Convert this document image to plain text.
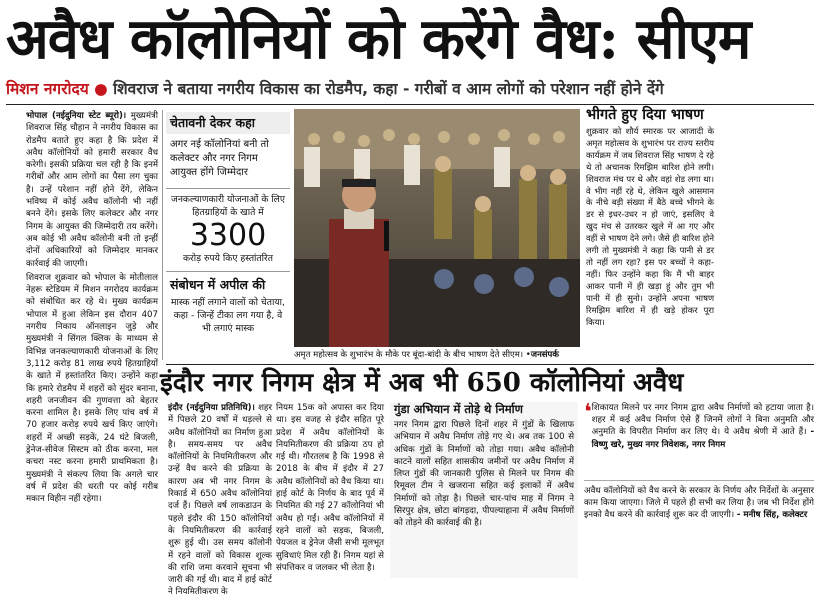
अवैध कॉलोनियों को करेंगे वैध: सीएम
मिशन नगरोदय ● शिवराज ने बताया नगरीय विकास का रोडमैप, कहा - गरीबों व आम लोगों को परेशान नहीं होने देंगे

भोपाल (नईदुनिया स्टेट ब्यूरो)। मुख्यमंत्री शिवराज सिंह चौहान ने नगरीय विकास का रोडमैप बताते हुए कहा है कि प्रदेश में अवैध कॉलोनियों को हमारी सरकार वैध करेगी। इसकी प्रक्रिया चल रही है कि इनमें गरीबों और आम लोगों का पैसा लग चुका है। उन्हें परेशान नहीं होने देंगे, लेकिन भविष्य में कोई अवैध कॉलोनी भी नहीं बनने देंगे। इसके लिए कलेक्टर और नगर निगम के आयुक्त की जिम्मेदारी तय करेंगे। अब कोई भी अवैध कॉलोनी बनी तो इन्हीं दोनों अधिकारियों को जिम्मेदार मानकर कार्रवाई की जाएगी।

शिवराज शुक्रवार को भोपाल के मोतीलाल नेहरू स्टेडियम में मिशन नगरोदय कार्यक्रम को संबोधित कर रहे थे। मुख्य कार्यक्रम भोपाल में हुआ लेकिन इस दौरान 407 नगरीय निकाय ऑनलाइन जुड़े और मुख्यमंत्री ने सिंगल क्लिक के माध्यम से विभिन्न जनकल्याणकारी योजनाओं के लिए 3,112 करोड़ 81 लाख रुपये हितग्राहियों के खाते में हस्तांतरित किए। उन्होंने कहा कि हमारे रोडमैप में शहरों को सुंदर बनाना, शहरी जनजीवन की गुणवत्ता को बेहतर करना शामिल है। इसके लिए पांच वर्ष में 70 हजार करोड़ रुपये खर्च किए जाएंगे। शहरों में अच्छी सड़कें, 24 घंटे बिजली, ड्रेनेज-सीवेज सिस्टम को ठीक करना, मल कचरा नस्ट करना हमारी प्राथमिकता है। मुख्यमंत्री ने संकल्प लिया कि अगले चार वर्ष में प्रदेश की धरती पर कोई गरीब मकान विहीन नहीं रहेगा।

चेतावनी देकर कहा
अगर नई कॉलोनियां बनी तो कलेक्टर और नगर निगम आयुक्त होंगे जिम्मेदार
जनकल्याणकारी योजनाओं के लिए हितग्राहियों के खाते में
3300
करोड़ रुपये किए हस्तांतरित
संबोधन में अपील की
मास्क नहीं लगाने वालों को चेताया, कहा - जिन्हें टीका लग गया है, वे भी लगाएं मास्क
अमृत महोत्सव के शुभारंभ के मौके पर बूंदा-बांदी के बीच भाषण देते सीएम। •जनसंपर्क
भीगते हुए दिया भाषण
शुक्रवार को शौर्य स्मारक पर आजादी के अमृत महोत्सव के शुभारंभ पर राज्य स्तरीय कार्यक्रम में जब शिवराज सिंह भाषण दे रहे थे तो अचानक रिमझिम बारिश होने लगी। शिवराज मंच पर थे और वहां शेड लगा था। वे भीग नहीं रहे थे, लेकिन खुले आसमान के नीचे बड़ी संख्या में बैठे बच्चे भीगने के डर से इधर-उधर न हो जाएं, इसलिए वे खुद मंच से उतरकर खुले में आ गए और वहीं से भाषण देने लगे। जैसे ही बारिश होने लगी तो मुख्यमंत्री ने कहा कि पानी से डर तो नहीं लग रहा? इस पर बच्चों ने कहा- नहीं। फिर उन्होंने कहा कि मैं भी बाहर आकर पानी में ही खड़ा हूं और तुम भी पानी में ही सुनो। उन्होंने अपना भाषण रिमझिम बारिश में ही खड़े होकर पूरा किया।
इंदौर नगर निगम क्षेत्र में अब भी 650 कॉलोनियां अवैध
इंदौर (नईदुनिया प्रतिनिधि)। शहर में पिछले 20 वर्षों में धड़ल्ले से अवैध कॉलोनियों का निर्माण हुआ है। समय-समय पर अवैध कॉलोनियों के नियमितीकरण और उन्हें वैध करने की प्रक्रिया के कारण अब भी नगर निगम के रिकार्ड में 650 अवैध कॉलोनियां दर्ज हैं। पिछले वर्ष लाकडाउन के पहले इंदौर की 150 कॉलोनियों के नियमितीकरण की कार्रवाई शुरू हुई थी। उस समय कॉलोनी में रहने वालों को विकास शुल्क की राशि जमा करवाने सूचना भी जारी की गई थी। बाद में हाई कोर्ट ने नियमितीकरण के
नियम 15क को अपास्त कर दिया था। इस वजह से इंदौर सहित पूरे प्रदेश में अवैध कॉलोनियों के नियमितीकरण की प्रक्रिया ठप हो गई थी। गौरतलब है कि 1998 से 2018 के बीच में इंदौर में 27 अवैध कॉलोनियों को वैध किया था। हाई कोर्ट के निर्णय के बाद पूर्व में नियमित की गई 27 कॉलोनियां भी अवैध हो गईं। अवैध कॉलोनियों में रहने वालों को सड़क, बिजली, पेयजल व ड्रेनेज जैसी सभी मूलभूत सुविधाएं मिल रही हैं। निगम यहां से संपत्तिकर व जलकर भी लेता है।
गुंडा अभियान में तोड़े थे निर्माण
नगर निगम द्वारा पिछले दिनों शहर में गुंडों के खिलाफ अभियान में अवैध निर्माण तोड़े गए थे। अब तक 100 से अधिक गुंडों के निर्माणों को तोड़ा गया। अवैध कॉलोनी काटने वालों सहित शासकीय जमीनों पर अवैध निर्माण में लिप्त गुंडों की जानकारी पुलिस से मिलने पर निगम की रिमूवल टीम ने खजराना सहित कई इलाकों में अवैध निर्माणों को तोड़ा है। पिछले चार-पांच माह में निगम ने सिरपुर क्षेत्र, छोटा बांगड़दा, पीपल्याहाना में अवैध निर्माणों को तोड़ने की कार्रवाई की है।
❛ शिकायत मिलने पर नगर निगम द्वारा अवैध निर्माणों को हटाया जाता है। शहर में कई अवैध निर्माण ऐसे हैं जिनमें लोगों ने बिना अनुमति और अनुमति के विपरीत निर्माण कर लिए थे। ये अवैध श्रेणी में आते हैं। - विष्णु खरे, मुख्य नगर निवेशक, नगर निगम
अवैध कॉलोनियों को वैध करने के सरकार के निर्णय और निर्देशों के अनुसार काम किया जाएगा। जिले में पहले ही सभी कर लिया है। जब भी निर्देश होंगे इनको वैध करने की कार्रवाई शुरू कर दी जाएगी। - मनीष सिंह, कलेक्टर
